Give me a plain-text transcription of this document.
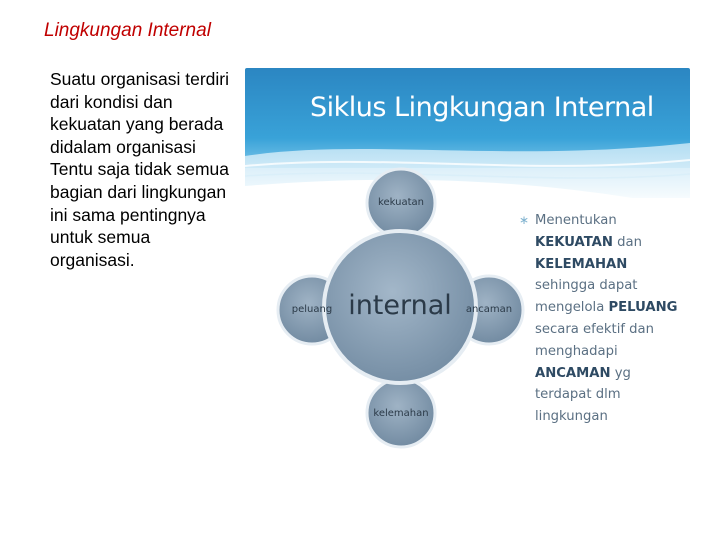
Lingkungan Internal

Suatu organisasi terdiri dari kondisi dan kekuatan yang berada didalam organisasi

Tentu saja tidak semua bagian dari lingkungan ini sama pentingnya untuk semua organisasi.

Siklus Lingkungan Internal
internal
kekuatan
peluang	ancaman
kelemahan
∗ Menentukan KEKUATAN dan KELEMAHAN sehingga dapat mengelola PELUANG secara efektif dan menghadapi ANCAMAN yg terdapat dlm lingkungan
